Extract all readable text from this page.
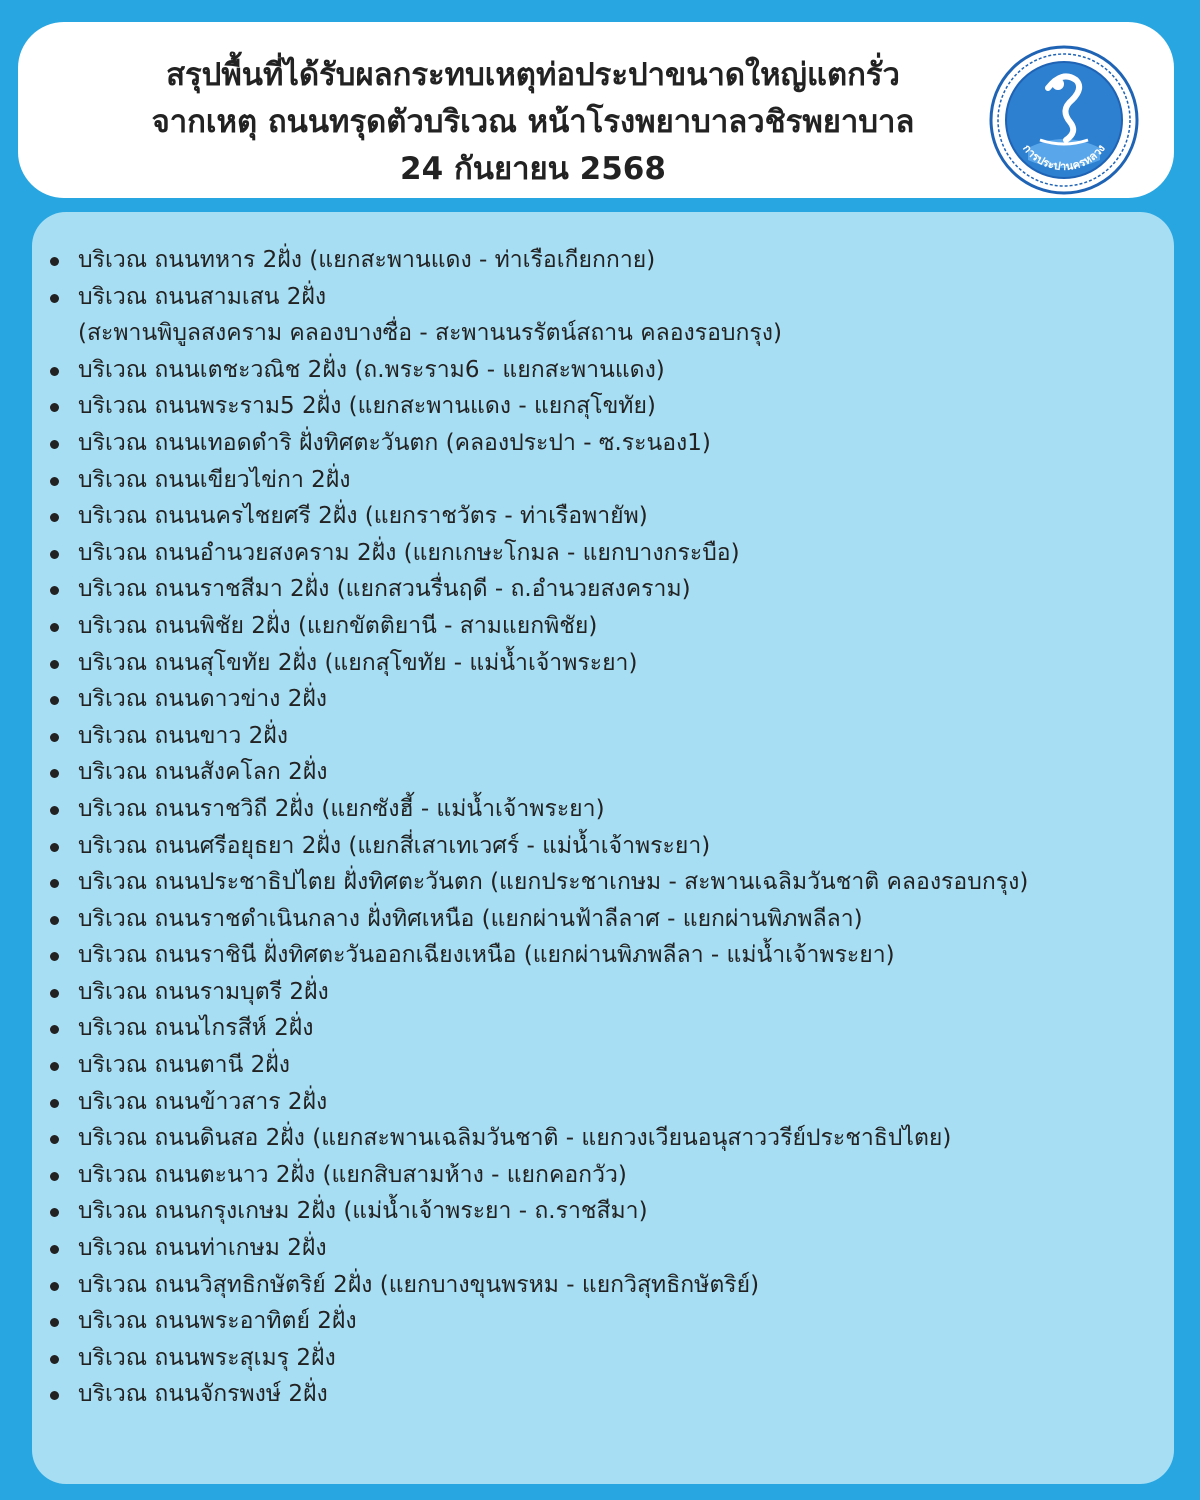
สรุปพื้นที่ได้รับผลกระทบเหตุท่อประปาขนาดใหญ่แตกรั่ว
จากเหตุ ถนนทรุดตัวบริเวณ หน้าโรงพยาบาลวชิรพยาบาล
24 กันยายน 2568
การประปานครหลวง
บริเวณ ถนนทหาร 2ฝั่ง (แยกสะพานแดง - ท่าเรือเกียกกาย)
บริเวณ ถนนสามเสน 2ฝั่ง
(สะพานพิบูลสงคราม คลองบางซื่อ - สะพานนรรัตน์สถาน คลองรอบกรุง)
บริเวณ ถนนเตชะวณิช 2ฝั่ง (ถ.พระราม6 - แยกสะพานแดง)
บริเวณ ถนนพระราม5 2ฝั่ง (แยกสะพานแดง - แยกสุโขทัย)
บริเวณ ถนนเทอดดำริ ฝั่งทิศตะวันตก (คลองประปา - ซ.ระนอง1)
บริเวณ ถนนเขียวไข่กา 2ฝั่ง
บริเวณ ถนนนครไชยศรี 2ฝั่ง (แยกราชวัตร - ท่าเรือพายัพ)
บริเวณ ถนนอำนวยสงคราม 2ฝั่ง (แยกเกษะโกมล - แยกบางกระบือ)
บริเวณ ถนนราชสีมา 2ฝั่ง (แยกสวนรื่นฤดี - ถ.อำนวยสงคราม)
บริเวณ ถนนพิชัย 2ฝั่ง (แยกขัตติยานี - สามแยกพิชัย)
บริเวณ ถนนสุโขทัย 2ฝั่ง (แยกสุโขทัย - แม่น้ำเจ้าพระยา)
บริเวณ ถนนดาวข่าง 2ฝั่ง
บริเวณ ถนนขาว 2ฝั่ง
บริเวณ ถนนสังคโลก 2ฝั่ง
บริเวณ ถนนราชวิถี 2ฝั่ง (แยกซังฮี้ - แม่น้ำเจ้าพระยา)
บริเวณ ถนนศรีอยุธยา 2ฝั่ง (แยกสี่เสาเทเวศร์ - แม่น้ำเจ้าพระยา)
บริเวณ ถนนประชาธิปไตย ฝั่งทิศตะวันตก (แยกประชาเกษม - สะพานเฉลิมวันชาติ คลองรอบกรุง)
บริเวณ ถนนราชดำเนินกลาง ฝั่งทิศเหนือ (แยกผ่านฟ้าลีลาศ - แยกผ่านพิภพลีลา)
บริเวณ ถนนราชินี ฝั่งทิศตะวันออกเฉียงเหนือ (แยกผ่านพิภพลีลา - แม่น้ำเจ้าพระยา)
บริเวณ ถนนรามบุตรี 2ฝั่ง
บริเวณ ถนนไกรสีห์ 2ฝั่ง
บริเวณ ถนนตานี 2ฝั่ง
บริเวณ ถนนข้าวสาร 2ฝั่ง
บริเวณ ถนนดินสอ 2ฝั่ง (แยกสะพานเฉลิมวันชาติ - แยกวงเวียนอนุสาววรีย์ประชาธิปไตย)
บริเวณ ถนนตะนาว 2ฝั่ง (แยกสิบสามห้าง - แยกคอกวัว)
บริเวณ ถนนกรุงเกษม 2ฝั่ง (แม่น้ำเจ้าพระยา - ถ.ราชสีมา)
บริเวณ ถนนท่าเกษม 2ฝั่ง
บริเวณ ถนนวิสุทธิกษัตริย์ 2ฝั่ง (แยกบางขุนพรหม - แยกวิสุทธิกษัตริย์)
บริเวณ ถนนพระอาทิตย์ 2ฝั่ง
บริเวณ ถนนพระสุเมรุ 2ฝั่ง
บริเวณ ถนนจักรพงษ์ 2ฝั่ง
